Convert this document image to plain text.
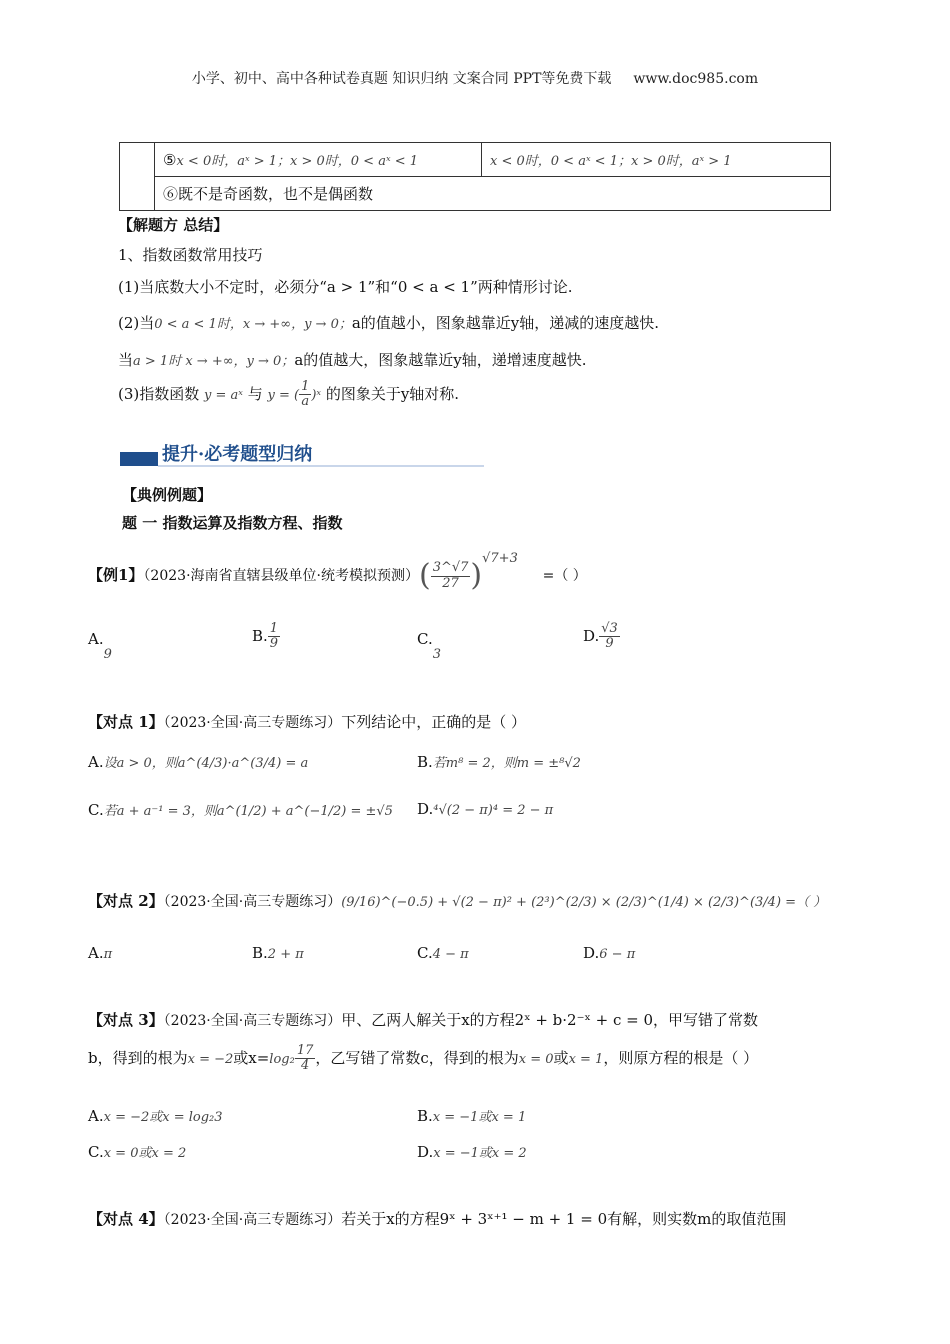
小学、初中、高中各种试卷真题 知识归纳 文案合同 PPT等免费下载 www.doc985.com
	⑤x < 0时，aˣ > 1；x > 0时，0 < aˣ < 1	x < 0时，0 < aˣ < 1；x > 0时，aˣ > 1
⑥既不是奇函数，也不是偶函数
【解题方 总结】
1、指数函数常用技巧
(1)当底数大小不定时，必须分“a > 1”和“0 < a < 1”两种情形讨论.
(2)当0 < a < 1时，x → +∞，y → 0；a的值越小，图象越靠近y轴，递减的速度越快.
当a > 1时 x → +∞，y → 0；a的值越大，图象越靠近y轴，递增速度越快.
(3)指数函数 y = aˣ 与 y = ( $\frac{1}{a}$ )ˣ 的图象关于y轴对称.
提升·必考题型归纳
【典例例题】
题 一 指数运算及指数方程、指数
【例1】（2023·海南省直辖县级单位·统考模拟预测）( $\frac{3\^{}√7}{27} )^{√7+3}$ =（ ）
A.9
B. $\frac{1}{9}$	C.3
D. $\frac{√3}{9}$
【对点 1】（2023·全国·高三专题练习）下列结论中，正确的是（ ）
A.设a > 0，则a^(4/3)·a^(3/4) = a	B.若m⁸ = 2，则m = ±⁸√2
C.若a + a⁻¹ = 3，则a^(1/2) + a^(−1/2) = ±√5 D.⁴√(2 − π)⁴ = 2 − π
【对点 2】（2023·全国·高三专题练习）(9/16)^(−0.5) + √(2 − π)² + (2³)^(2/3) × (2/3)^(1/4) × (2/3)^(3/4) =（ ）
A.π	B.2 + π	C.4 − π	D.6 − π
【对点 3】（2023·全国·高三专题练习）甲、乙两人解关于x的方程2ˣ + b·2⁻ˣ + c = 0，甲写错了常数
b，得到的根为x = −2或$x=\log_2 \frac{17}{4}$ ，乙写错了常数c，得到的根为x = 0或x = 1，则原方程的根是（ ）
A.x = −2或x = log₂3	B.x = −1或x = 1
C.x = 0或x = 2	D.x = −1或x = 2
【对点 4】（2023·全国·高三专题练习）若关于x的方程9ˣ + 3ˣ⁺¹ − m + 1 = 0有解，则实数m的取值范围
